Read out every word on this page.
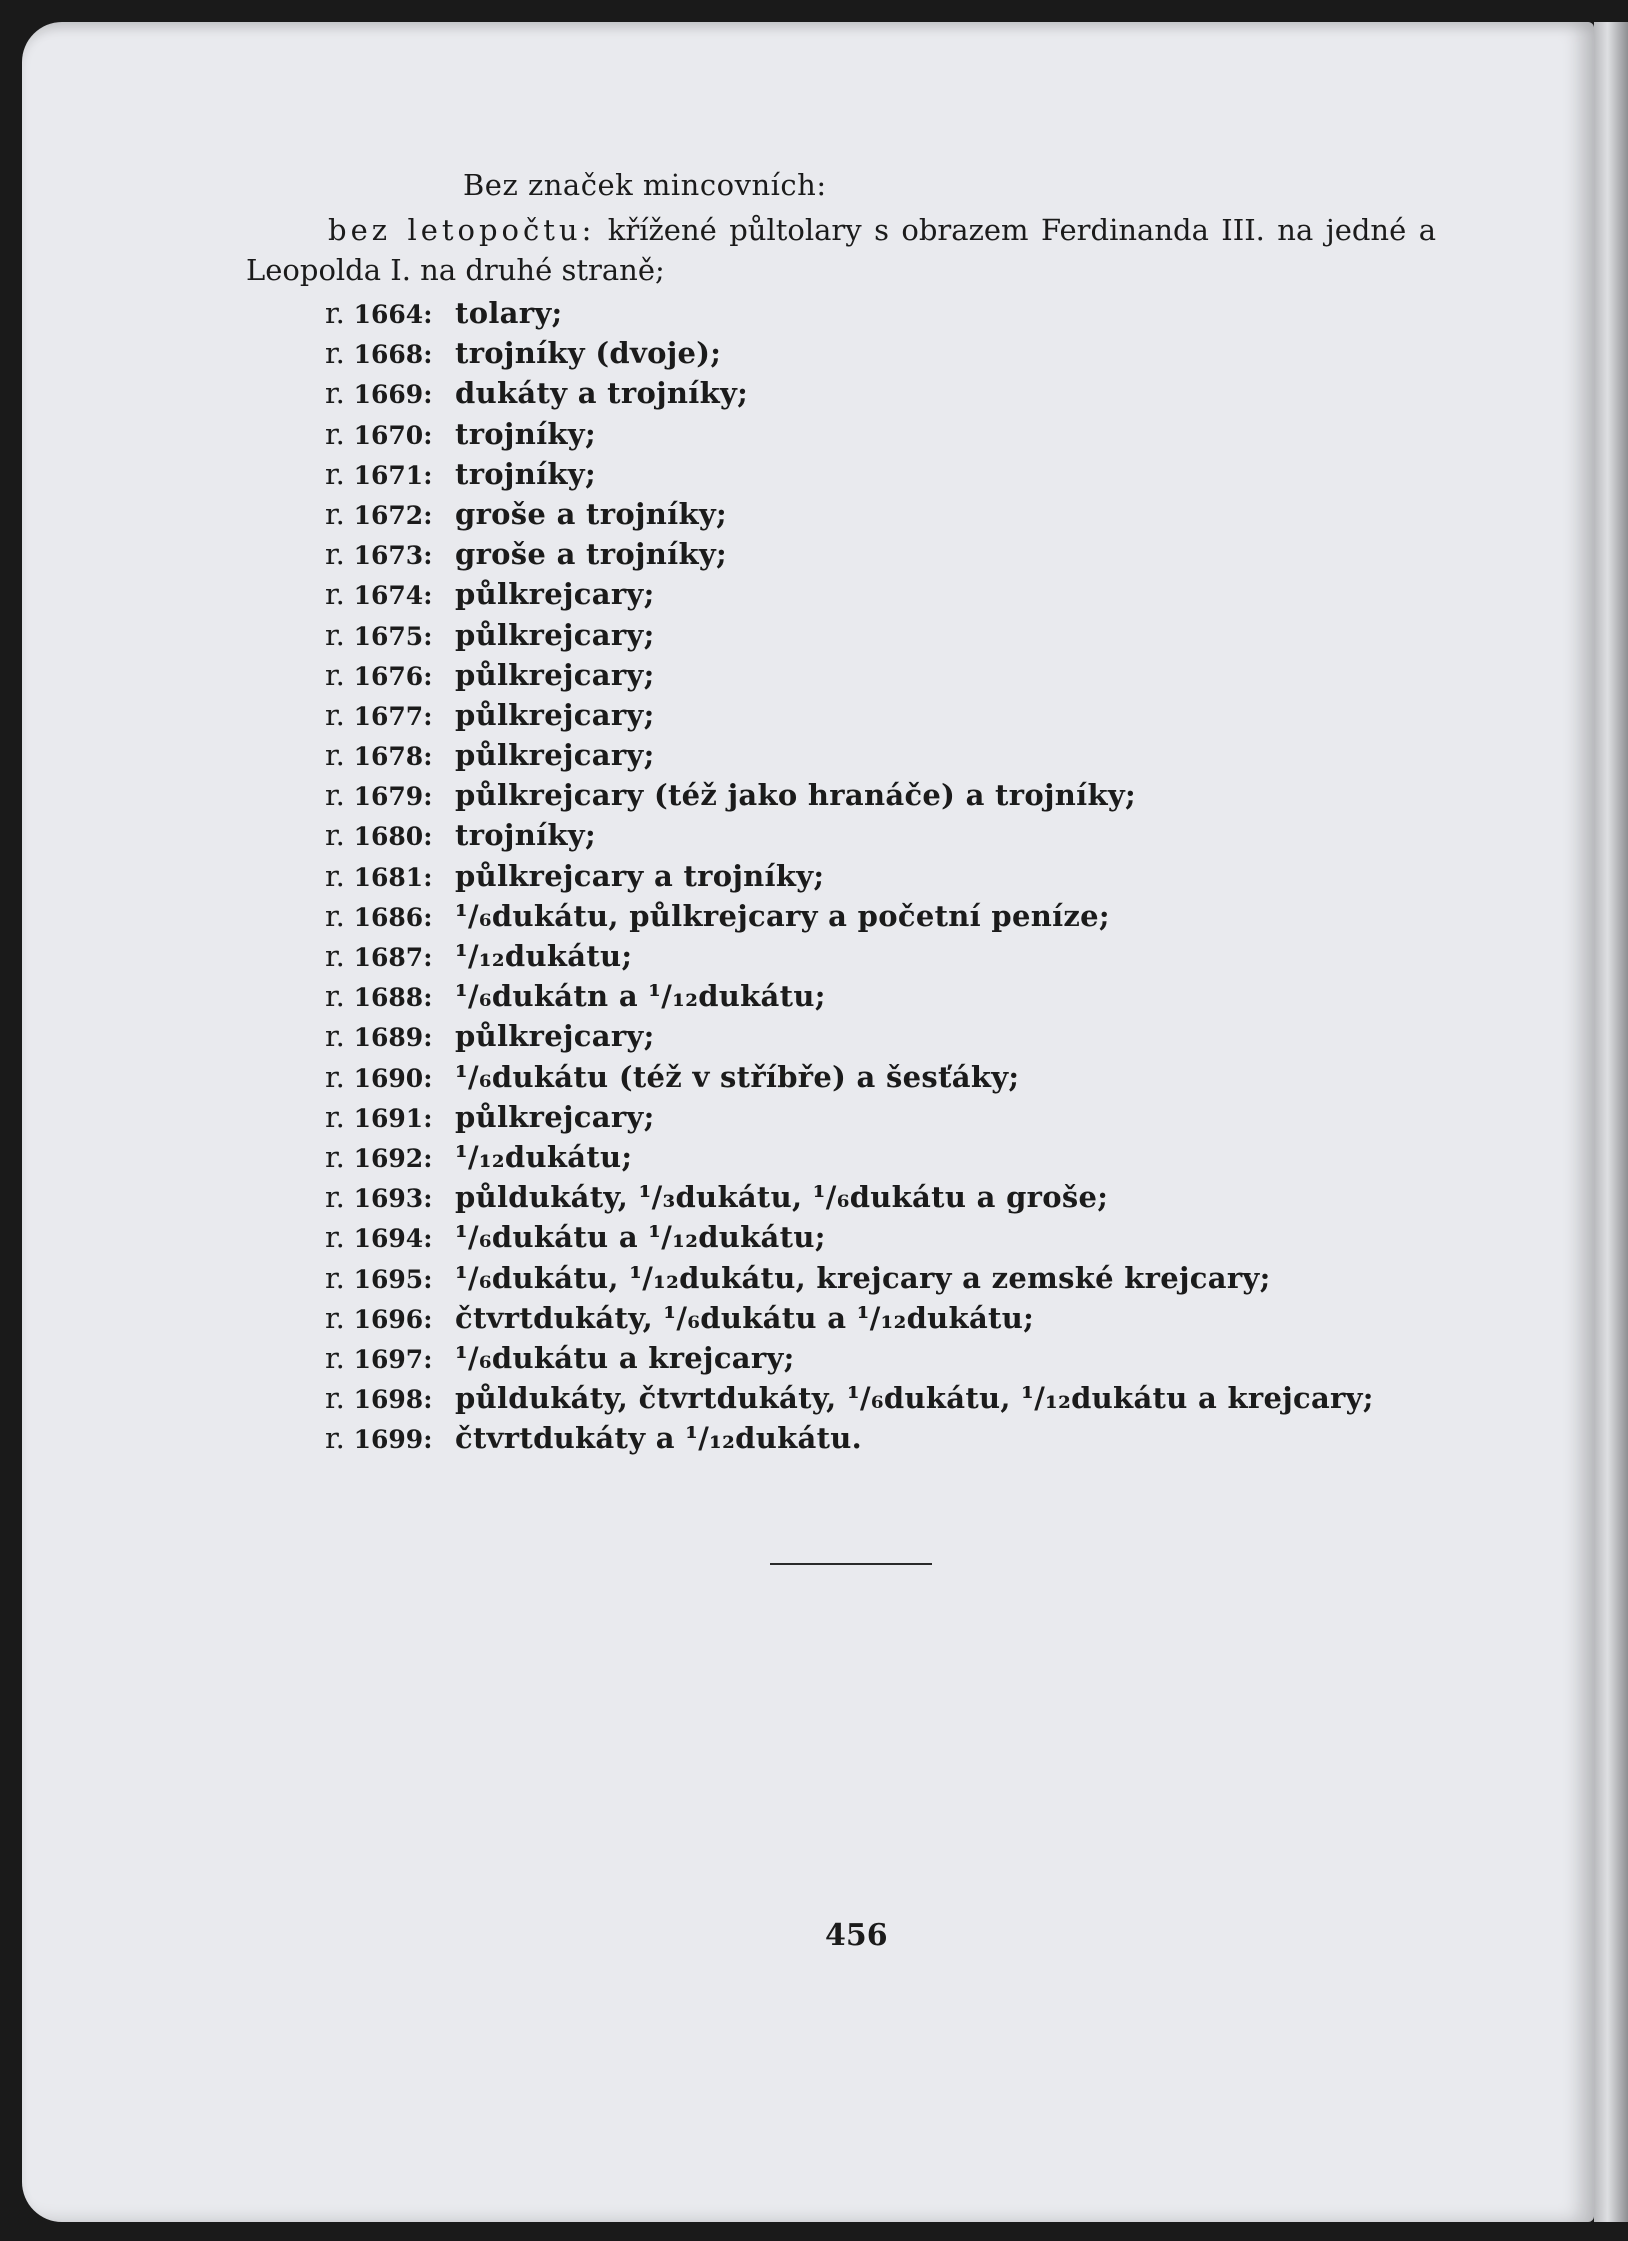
Bez značek mincovních:
bez letopočtu: křížené půltolary s obrazem Ferdinanda III. na jedné a Leopolda I. na druhé straně;
r. 1664: tolary;
r. 1668: trojníky (dvoje);
r. 1669: dukáty a trojníky;
r. 1670: trojníky;
r. 1671: trojníky;
r. 1672: groše a trojníky;
r. 1673: groše a trojníky;
r. 1674: půlkrejcary;
r. 1675: půlkrejcary;
r. 1676: půlkrejcary;
r. 1677: půlkrejcary;
r. 1678: půlkrejcary;
r. 1679: půlkrejcary (též jako hranáče) a trojníky;
r. 1680: trojníky;
r. 1681: půlkrejcary a trojníky;
r. 1686: ¹/₆dukátu, půlkrejcary a početní peníze;
r. 1687: ¹/₁₂dukátu;
r. 1688: ¹/₆dukátn a ¹/₁₂dukátu;
r. 1689: půlkrejcary;
r. 1690: ¹/₆dukátu (též v stříbře) a šesťáky;
r. 1691: půlkrejcary;
r. 1692: ¹/₁₂dukátu;
r. 1693: půldukáty, ¹/₃dukátu, ¹/₆dukátu a groše;
r. 1694: ¹/₆dukátu a ¹/₁₂dukátu;
r. 1695: ¹/₆dukátu, ¹/₁₂dukátu, krejcary a zemské krejcary;
r. 1696: čtvrtdukáty, ¹/₆dukátu a ¹/₁₂dukátu;
r. 1697: ¹/₆dukátu a krejcary;
r. 1698: půldukáty, čtvrtdukáty, ¹/₆dukátu, ¹/₁₂dukátu a krejcary;
r. 1699: čtvrtdukáty a ¹/₁₂dukátu.
456
